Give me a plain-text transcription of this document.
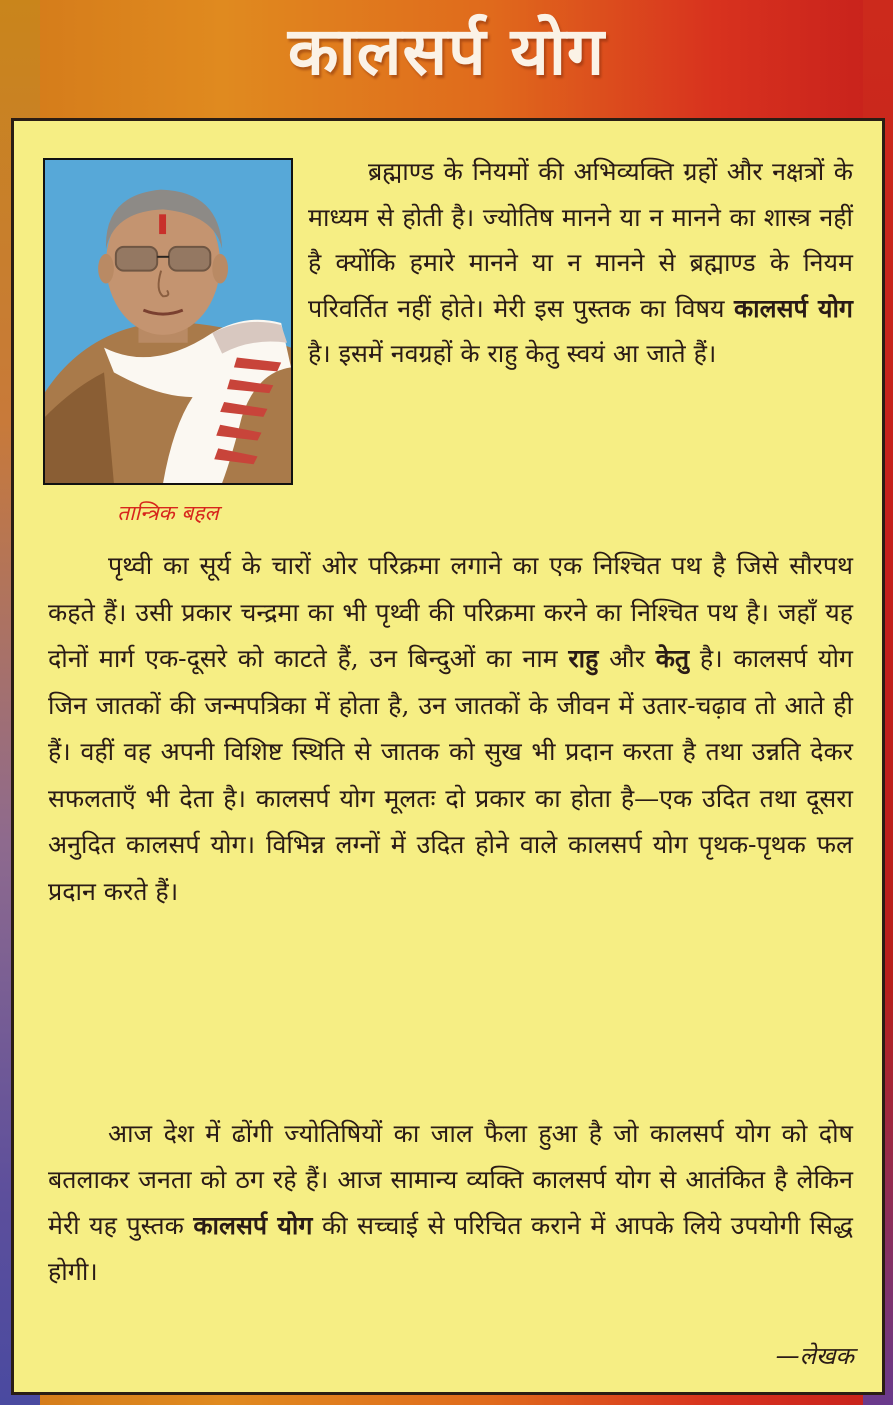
कालसर्प योग
तान्त्रिक बहल
ब्रह्माण्ड के नियमों की अभिव्यक्ति ग्रहों और नक्षत्रों के माध्यम से होती है। ज्योतिष मानने या न मानने का शास्त्र नहीं है क्योंकि हमारे मानने या न मानने से ब्रह्माण्ड के नियम परिवर्तित नहीं होते। मेरी इस पुस्तक का विषय कालसर्प योग है। इसमें नवग्रहों के राहु केतु स्वयं आ जाते हैं।
पृथ्वी का सूर्य के चारों ओर परिक्रमा लगाने का एक निश्चित पथ है जिसे सौरपथ कहते हैं। उसी प्रकार चन्द्रमा का भी पृथ्वी की परिक्रमा करने का निश्चित पथ है। जहाँ यह दोनों मार्ग एक-दूसरे को काटते हैं, उन बिन्दुओं का नाम राहु और केतु है। कालसर्प योग जिन जातकों की जन्मपत्रिका में होता है, उन जातकों के जीवन में उतार-चढ़ाव तो आते ही हैं। वहीं वह अपनी विशिष्ट स्थिति से जातक को सुख भी प्रदान करता है तथा उन्नति देकर सफलताएँ भी देता है। कालसर्प योग मूलतः दो प्रकार का होता है—एक उदित तथा दूसरा अनुदित कालसर्प योग। विभिन्न लग्नों में उदित होने वाले कालसर्प योग पृथक-पृथक फल प्रदान करते हैं।
आज देश में ढोंगी ज्योतिषियों का जाल फैला हुआ है जो कालसर्प योग को दोष बतलाकर जनता को ठग रहे हैं। आज सामान्य व्यक्ति कालसर्प योग से आतंकित है लेकिन मेरी यह पुस्तक कालसर्प योग की सच्चाई से परिचित कराने में आपके लिये उपयोगी सिद्ध होगी।
—लेखक
